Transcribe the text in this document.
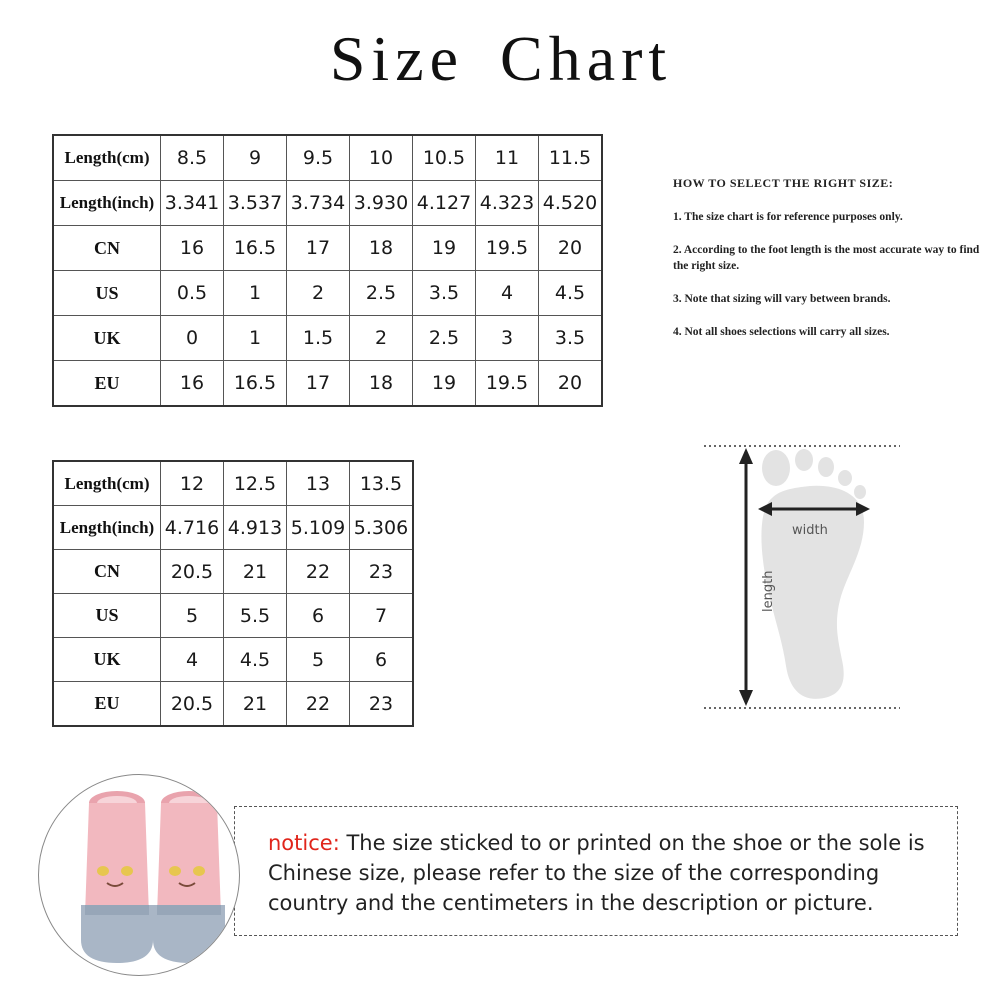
Size Chart
Length(cm)	8.5	9	9.5	10	10.5	11	11.5
Length(inch)	3.341	3.537	3.734	3.930	4.127	4.323	4.520
CN	16	16.5	17	18	19	19.5	20
US	0.5	1	2	2.5	3.5	4	4.5
UK	0	1	1.5	2	2.5	3	3.5
EU	16	16.5	17	18	19	19.5	20
Length(cm)	12	12.5	13	13.5
Length(inch)	4.716	4.913	5.109	5.306
CN	20.5	21	22	23
US	5	5.5	6	7
UK	4	4.5	5	6
EU	20.5	21	22	23
HOW TO SELECT THE RIGHT SIZE:
1. The size chart is for reference purposes only.
2. According to the foot length is the most accurate way to find the right size.
3. Note that sizing will vary between brands.
4. Not all shoes selections will carry all sizes.
width
length
notice: The size sticked to or printed on the shoe or the sole is Chinese size, please refer to the size of the corresponding country and the centimeters in the description or picture.
